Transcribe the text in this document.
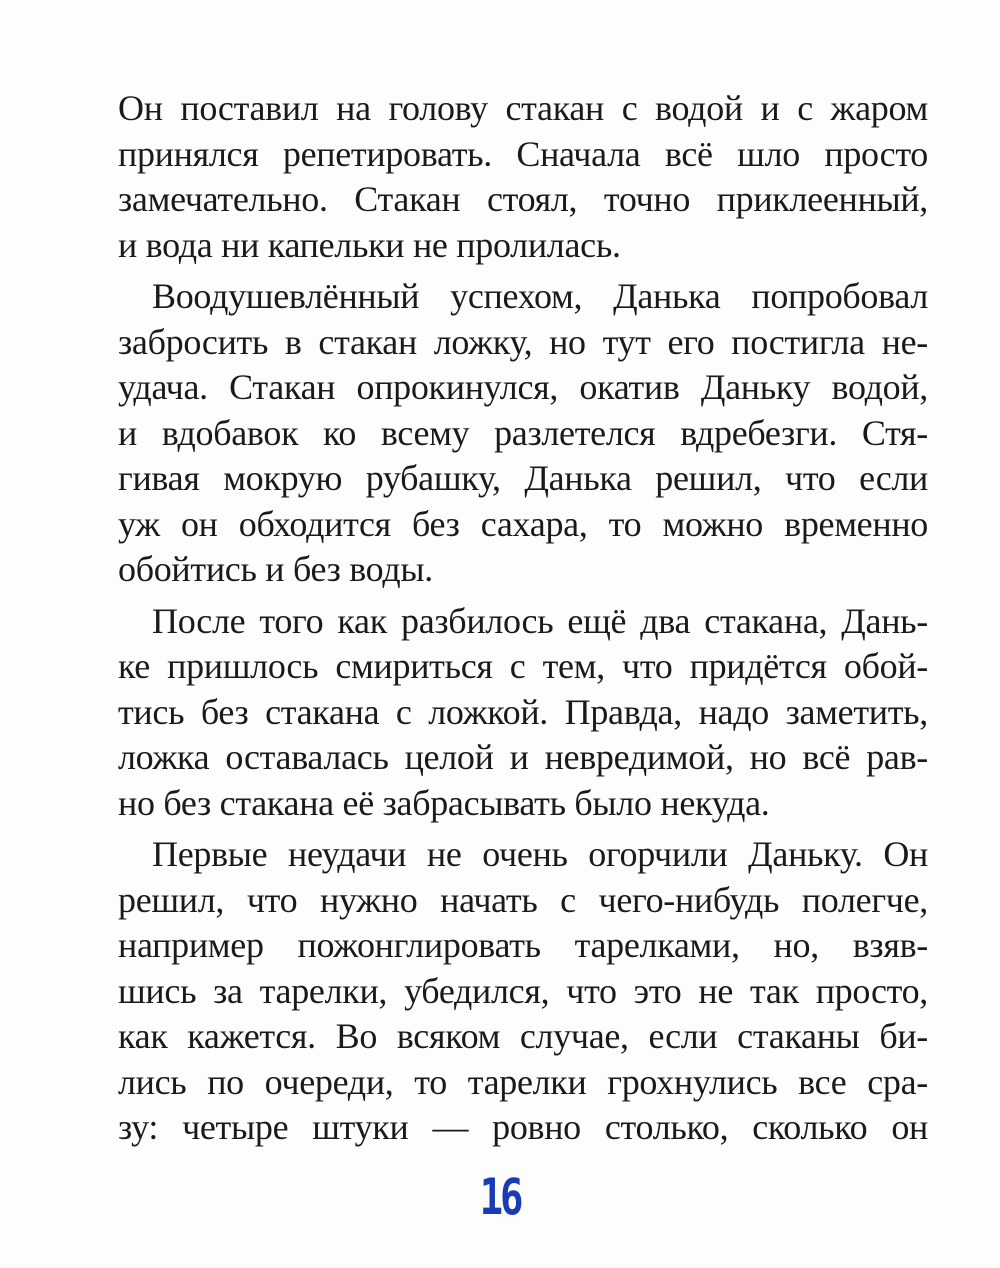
Он поставил на голову стакан с водой и с жаром
принялся репетировать. Сначала всё шло просто
замечательно. Стакан стоял, точно приклеенный,
и вода ни капельки не пролилась.
Воодушевлённый успехом, Данька попробовал
забросить в стакан ложку, но тут его постигла не-
удача. Стакан опрокинулся, окатив Даньку водой,
и вдобавок ко всему разлетелся вдребезги. Стя-
гивая мокрую рубашку, Данька решил, что если
уж он обходится без сахара, то можно временно
обойтись и без воды.
После того как разбилось ещё два стакана, Дань-
ке пришлось смириться с тем, что придётся обой-
тись без стакана с ложкой. Правда, надо заметить,
ложка оставалась целой и невредимой, но всё рав-
но без стакана её забрасывать было некуда.
Первые неудачи не очень огорчили Даньку. Он
решил, что нужно начать с чего-нибудь полегче,
например пожонглировать тарелками, но, взяв-
шись за тарелки, убедился, что это не так просто,
как кажется. Во всяком случае, если стаканы би-
лись по очереди, то тарелки грохнулись все сра-
зу: четыре штуки — ровно столько, сколько он
16
